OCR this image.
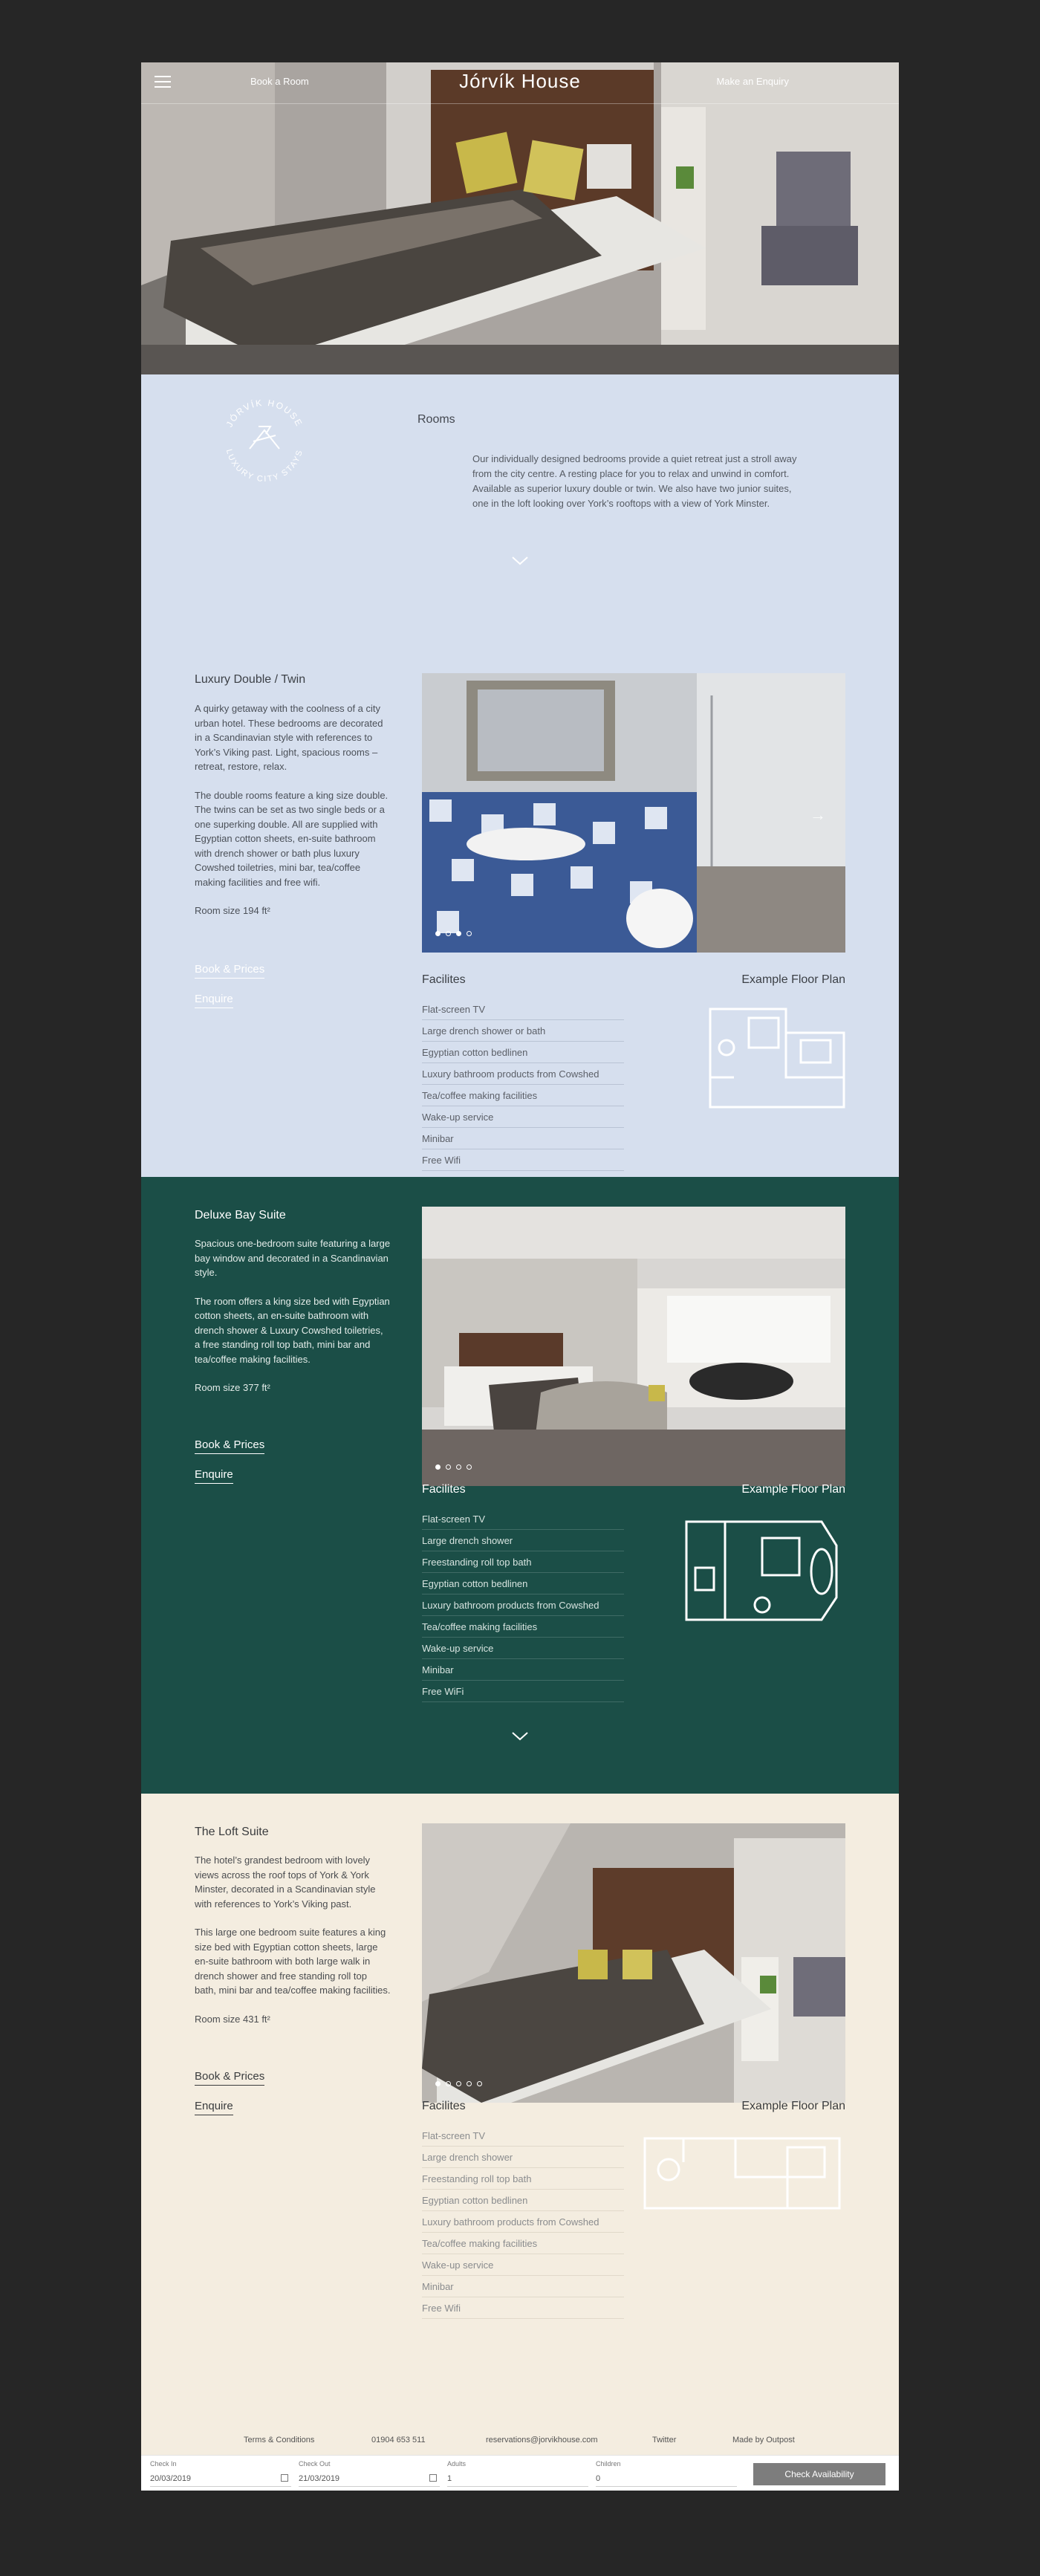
Book a Room	Jórvík House	Make an Enquiry
JÓRVÍK HOUSE
LUXURY CITY STAYS
Rooms
Our individually designed bedrooms provide a quiet retreat just a stroll away from the city centre. A resting place for you to relax and unwind in comfort. Available as superior luxury double or twin. We also have two junior suites, one in the loft looking over York’s rooftops with a view of York Minster.
Luxury Double / Twin

A quirky getaway with the coolness of a city urban hotel. These bedrooms are decorated in a Scandinavian style with references to York’s Viking past. Light, spacious rooms – retreat, restore, relax.

The double rooms feature a king size double. The twins can be set as two single beds or a one superking double. All are supplied with Egyptian cotton sheets, en-suite bathroom with drench shower or bath plus luxury Cowshed toiletries, mini bar, tea/coffee making facilities and free wifi.

Room size 194 ft²

Book & Prices
Enquire
→
Facilites	Example Floor Plan
Flat-screen TV
Large drench shower or bath
Egyptian cotton bedlinen
Luxury bathroom products from Cowshed
Tea/coffee making facilities
Wake-up service
Minibar
Free Wifi
Deluxe Bay Suite

Spacious one-bedroom suite featuring a large bay window and decorated in a Scandinavian style.

The room offers a king size bed with Egyptian cotton sheets, an en-suite bathroom with drench shower & Luxury Cowshed toiletries, a free standing roll top bath, mini bar and tea/coffee making facilities.

Room size 377 ft²

Book & Prices
Enquire
Facilites	Example Floor Plan
Flat-screen TV
Large drench shower
Freestanding roll top bath
Egyptian cotton bedlinen
Luxury bathroom products from Cowshed
Tea/coffee making facilities
Wake-up service
Minibar
Free WiFi
The Loft Suite

The hotel’s grandest bedroom with lovely views across the roof tops of York & York Minster, decorated in a Scandinavian style with references to York’s Viking past.

This large one bedroom suite features a king size bed with Egyptian cotton sheets, large en-suite bathroom with both large walk in drench shower and free standing roll top bath, mini bar and tea/coffee making facilities.

Room size 431 ft²

Book & Prices
Enquire	Facilites	Example Floor Plan
Flat-screen TV
Large drench shower
Freestanding roll top bath
Egyptian cotton bedlinen
Luxury bathroom products from Cowshed
Tea/coffee making facilities
Wake-up service
Minibar
Free Wifi
Terms & Conditions	01904 653 511	reservations@jorvikhouse.com	Twitter	Made by Outpost
Check In
20/03/2019
Check Out
21/03/2019
Adults
1
Children
0	Check Availability
